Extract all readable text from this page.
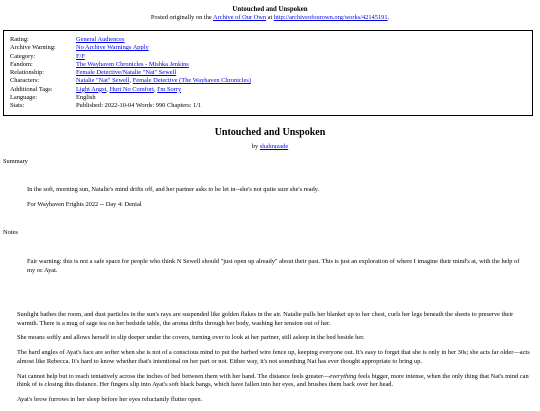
Untouched and Unspoken
Posted originally on the Archive of Our Own at http://archiveofourown.org/works/42145191.
Rating:	General Audiences
Archive Warning:	No Archive Warnings Apply
Category:	F/F
Fandom:	The Wayhaven Chronicles - Mishka Jenkins
Relationship:	Female Detective/Natalie "Nat" Sewell
Characters:	Natalie "Nat" Sewell, Female Detective (The Wayhaven Chronicles)
Additional Tags:	Light Angst, Hurt No Comfort, I'm Sorry
Language:	English
Stats:	Published: 2022-10-04 Words: 990 Chapters: 1/1
Untouched and Unspoken
by shahrazade
Summary
In the soft, morning sun, Natalie's mind drifts off, and her partner asks to be let in--she's not quite sure she's ready.
For Wayhaven Frights 2022 -- Day 4: Denial
Notes
Fair warning: this is not a safe space for people who think N Sewell should "just open up already" about their past. This is just an exploration of where I imagine their mind's at, with the help of my oc Ayat.

Sunlight bathes the room, and dust particles in the sun's rays are suspended like golden flakes in the air. Natalie pulls her blanket up to her chest, curls her legs beneath the sheets to preserve their warmth. There is a mug of sage tea on her bedside table, the aroma drifts through her body, washing her tension out of her.

She moans softly and allows herself to slip deeper under the covers, turning over to look at her partner, still asleep in the bed beside her.

The hard angles of Ayat's face are softer when she is not of a conscious mind to put the barbed wire fence up, keeping everyone out. It's easy to forget that she is only in her 30s; she acts far older—acts almost like Rebecca. It's hard to know whether that's intentional on her part or not. Either way, it's not something Nat has ever thought appropriate to bring up.

Nat cannot help but to reach tentatively across the inches of bed between them with her hand. The distance feels greater—everything feels bigger, more intense, when the only thing that Nat's mind can think of is closing this distance. Her fingers slip into Ayat's soft black bangs, which have fallen into her eyes, and brushes them back over her head.

Ayat's brow furrows in her sleep before her eyes reluctantly flutter open.
